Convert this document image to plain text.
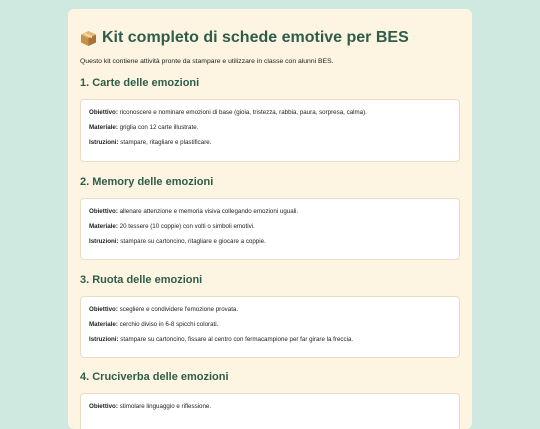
Kit completo di schede emotive per BES

Questo kit contiene attività pronte da stampare e utilizzare in classe con alunni BES.

1. Carte delle emozioni
Obiettivo: riconoscere e nominare emozioni di base (gioia, tristezza, rabbia, paura, sorpresa, calma).
Materiale: griglia con 12 carte illustrate.
Istruzioni: stampare, ritagliare e plastificare.
2. Memory delle emozioni
Obiettivo: allenare attenzione e memoria visiva collegando emozioni uguali.
Materiale: 20 tessere (10 coppie) con volti o simboli emotivi.
Istruzioni: stampare su cartoncino, ritagliare e giocare a coppie.
3. Ruota delle emozioni
Obiettivo: scegliere e condividere l'emozione provata.
Materiale: cerchio diviso in 6-8 spicchi colorati.
Istruzioni: stampare su cartoncino, fissare al centro con fermacampione per far girare la freccia.
4. Cruciverba delle emozioni
Obiettivo: stimolare linguaggio e riflessione.
